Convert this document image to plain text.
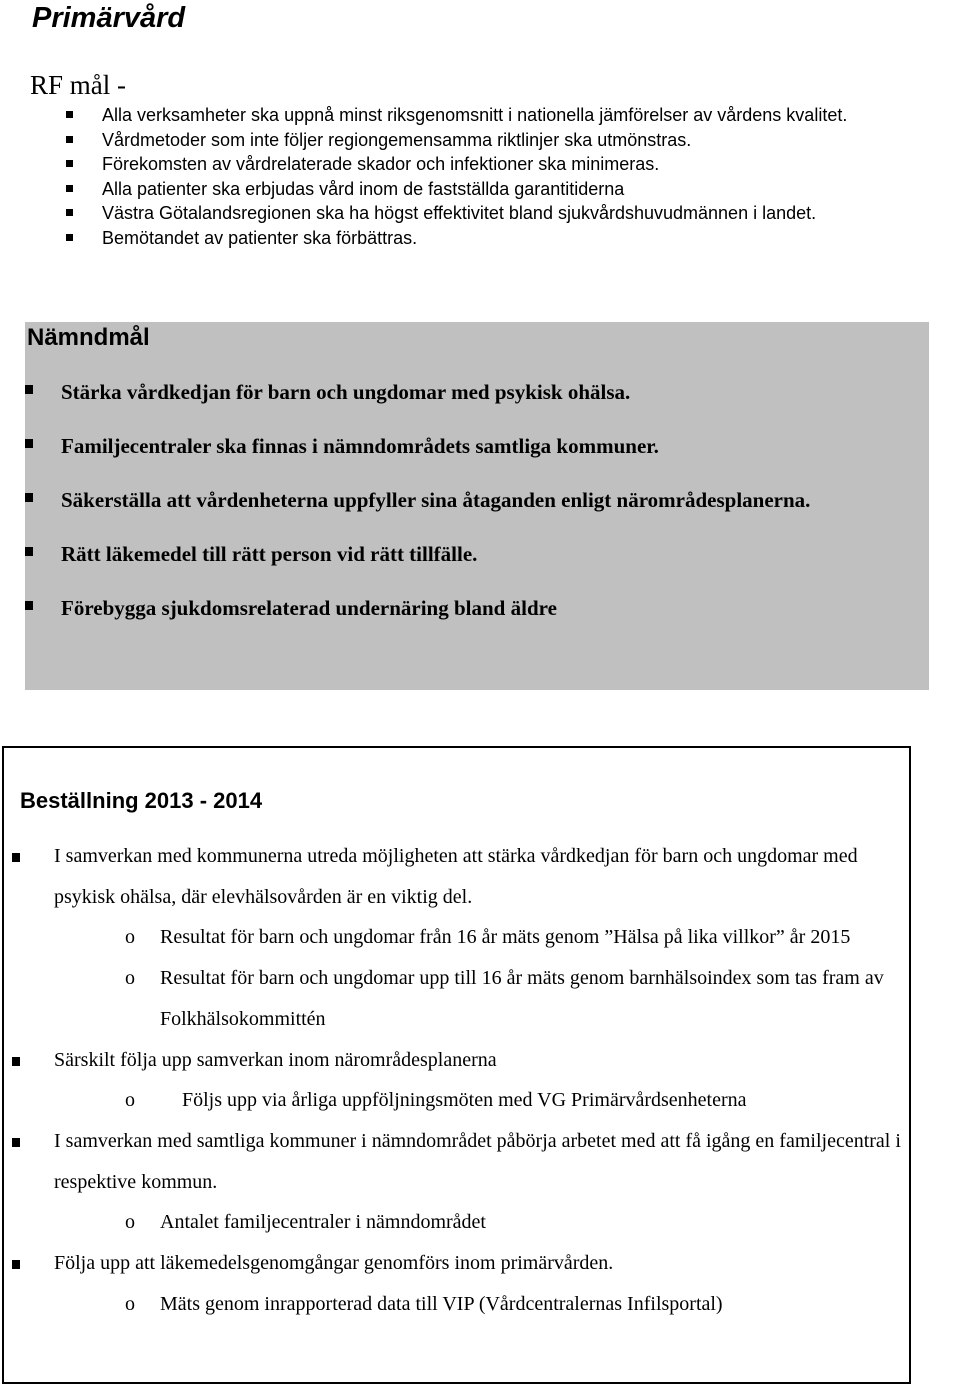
Primärvård
RF mål -
Alla verksamheter ska uppnå minst riksgenomsnitt i nationella jämförelser av vårdens kvalitet.
Vårdmetoder som inte följer regiongemensamma riktlinjer ska utmönstras.
Förekomsten av vårdrelaterade skador och infektioner ska minimeras.
Alla patienter ska erbjudas vård inom de fastställda garantitiderna
Västra Götalandsregionen ska ha högst effektivitet bland sjukvårdshuvudmännen i landet.
Bemötandet av patienter ska förbättras.
Nämndmål
Stärka vårdkedjan för barn och ungdomar med psykisk ohälsa.
Familjecentraler ska finnas i nämndområdets samtliga kommuner.
Säkerställa att vårdenheterna uppfyller sina åtaganden enligt närområdesplanerna.
Rätt läkemedel till rätt person vid rätt tillfälle.
Förebygga sjukdomsrelaterad undernäring bland äldre
Beställning 2013 - 2014
I samverkan med kommunerna utreda möjligheten att stärka vårdkedjan för barn och ungdomar med psykisk ohälsa, där elevhälsovården är en viktig del.
o Resultat för barn och ungdomar från 16 år mäts genom ”Hälsa på lika villkor” år 2015
o Resultat för barn och ungdomar upp till 16 år mäts genom barnhälsoindex som tas fram av Folkhälsokommittén
Särskilt följa upp samverkan inom närområdesplanerna
o Följs upp via årliga uppföljningsmöten med VG Primärvårdsenheterna
I samverkan med samtliga kommuner i nämndområdet påbörja arbetet med att få igång en familjecentral i respektive kommun.
o Antalet familjecentraler i nämndområdet
Följa upp att läkemedelsgenomgångar genomförs inom primärvården.
o Mäts genom inrapporterad data till VIP (Vårdcentralernas Infilsportal)
